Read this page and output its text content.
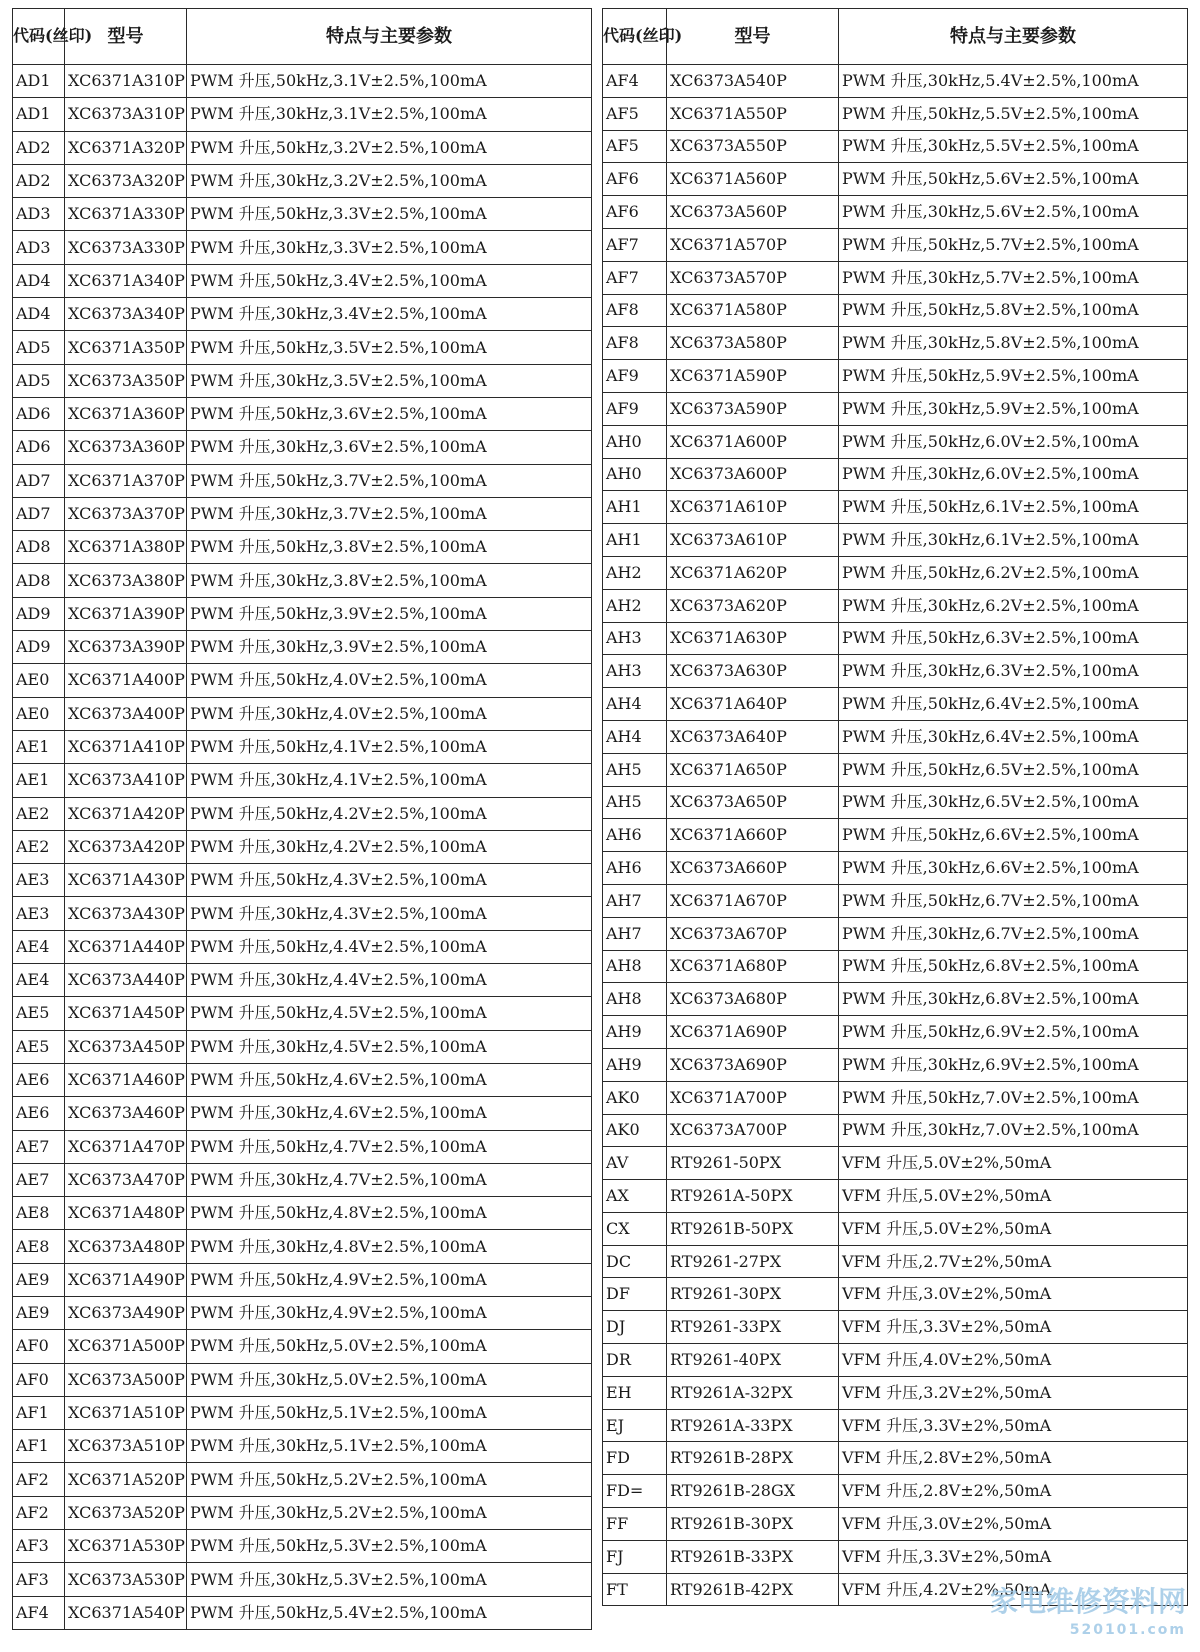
代码(丝印)	型号	特点与主要参数
AD1	XC6371A310P	PWM 升压,50kHz,3.1V±2.5%,100mA
AD1	XC6373A310P	PWM 升压,30kHz,3.1V±2.5%,100mA
AD2	XC6371A320P	PWM 升压,50kHz,3.2V±2.5%,100mA
AD2	XC6373A320P	PWM 升压,30kHz,3.2V±2.5%,100mA
AD3	XC6371A330P	PWM 升压,50kHz,3.3V±2.5%,100mA
AD3	XC6373A330P	PWM 升压,30kHz,3.3V±2.5%,100mA
AD4	XC6371A340P	PWM 升压,50kHz,3.4V±2.5%,100mA
AD4	XC6373A340P	PWM 升压,30kHz,3.4V±2.5%,100mA
AD5	XC6371A350P	PWM 升压,50kHz,3.5V±2.5%,100mA
AD5	XC6373A350P	PWM 升压,30kHz,3.5V±2.5%,100mA
AD6	XC6371A360P	PWM 升压,50kHz,3.6V±2.5%,100mA
AD6	XC6373A360P	PWM 升压,30kHz,3.6V±2.5%,100mA
AD7	XC6371A370P	PWM 升压,50kHz,3.7V±2.5%,100mA
AD7	XC6373A370P	PWM 升压,30kHz,3.7V±2.5%,100mA
AD8	XC6371A380P	PWM 升压,50kHz,3.8V±2.5%,100mA
AD8	XC6373A380P	PWM 升压,30kHz,3.8V±2.5%,100mA
AD9	XC6371A390P	PWM 升压,50kHz,3.9V±2.5%,100mA
AD9	XC6373A390P	PWM 升压,30kHz,3.9V±2.5%,100mA
AE0	XC6371A400P	PWM 升压,50kHz,4.0V±2.5%,100mA
AE0	XC6373A400P	PWM 升压,30kHz,4.0V±2.5%,100mA
AE1	XC6371A410P	PWM 升压,50kHz,4.1V±2.5%,100mA
AE1	XC6373A410P	PWM 升压,30kHz,4.1V±2.5%,100mA
AE2	XC6371A420P	PWM 升压,50kHz,4.2V±2.5%,100mA
AE2	XC6373A420P	PWM 升压,30kHz,4.2V±2.5%,100mA
AE3	XC6371A430P	PWM 升压,50kHz,4.3V±2.5%,100mA
AE3	XC6373A430P	PWM 升压,30kHz,4.3V±2.5%,100mA
AE4	XC6371A440P	PWM 升压,50kHz,4.4V±2.5%,100mA
AE4	XC6373A440P	PWM 升压,30kHz,4.4V±2.5%,100mA
AE5	XC6371A450P	PWM 升压,50kHz,4.5V±2.5%,100mA
AE5	XC6373A450P	PWM 升压,30kHz,4.5V±2.5%,100mA
AE6	XC6371A460P	PWM 升压,50kHz,4.6V±2.5%,100mA
AE6	XC6373A460P	PWM 升压,30kHz,4.6V±2.5%,100mA
AE7	XC6371A470P	PWM 升压,50kHz,4.7V±2.5%,100mA
AE7	XC6373A470P	PWM 升压,30kHz,4.7V±2.5%,100mA
AE8	XC6371A480P	PWM 升压,50kHz,4.8V±2.5%,100mA
AE8	XC6373A480P	PWM 升压,30kHz,4.8V±2.5%,100mA
AE9	XC6371A490P	PWM 升压,50kHz,4.9V±2.5%,100mA
AE9	XC6373A490P	PWM 升压,30kHz,4.9V±2.5%,100mA
AF0	XC6371A500P	PWM 升压,50kHz,5.0V±2.5%,100mA
AF0	XC6373A500P	PWM 升压,30kHz,5.0V±2.5%,100mA
AF1	XC6371A510P	PWM 升压,50kHz,5.1V±2.5%,100mA
AF1	XC6373A510P	PWM 升压,30kHz,5.1V±2.5%,100mA
AF2	XC6371A520P	PWM 升压,50kHz,5.2V±2.5%,100mA
AF2	XC6373A520P	PWM 升压,30kHz,5.2V±2.5%,100mA
AF3	XC6371A530P	PWM 升压,50kHz,5.3V±2.5%,100mA
AF3	XC6373A530P	PWM 升压,30kHz,5.3V±2.5%,100mA
AF4	XC6371A540P	PWM 升压,50kHz,5.4V±2.5%,100mA
代码(丝印)	型号	特点与主要参数
AF4	XC6373A540P	PWM 升压,30kHz,5.4V±2.5%,100mA
AF5	XC6371A550P	PWM 升压,50kHz,5.5V±2.5%,100mA
AF5	XC6373A550P	PWM 升压,30kHz,5.5V±2.5%,100mA
AF6	XC6371A560P	PWM 升压,50kHz,5.6V±2.5%,100mA
AF6	XC6373A560P	PWM 升压,30kHz,5.6V±2.5%,100mA
AF7	XC6371A570P	PWM 升压,50kHz,5.7V±2.5%,100mA
AF7	XC6373A570P	PWM 升压,30kHz,5.7V±2.5%,100mA
AF8	XC6371A580P	PWM 升压,50kHz,5.8V±2.5%,100mA
AF8	XC6373A580P	PWM 升压,30kHz,5.8V±2.5%,100mA
AF9	XC6371A590P	PWM 升压,50kHz,5.9V±2.5%,100mA
AF9	XC6373A590P	PWM 升压,30kHz,5.9V±2.5%,100mA
AH0	XC6371A600P	PWM 升压,50kHz,6.0V±2.5%,100mA
AH0	XC6373A600P	PWM 升压,30kHz,6.0V±2.5%,100mA
AH1	XC6371A610P	PWM 升压,50kHz,6.1V±2.5%,100mA
AH1	XC6373A610P	PWM 升压,30kHz,6.1V±2.5%,100mA
AH2	XC6371A620P	PWM 升压,50kHz,6.2V±2.5%,100mA
AH2	XC6373A620P	PWM 升压,30kHz,6.2V±2.5%,100mA
AH3	XC6371A630P	PWM 升压,50kHz,6.3V±2.5%,100mA
AH3	XC6373A630P	PWM 升压,30kHz,6.3V±2.5%,100mA
AH4	XC6371A640P	PWM 升压,50kHz,6.4V±2.5%,100mA
AH4	XC6373A640P	PWM 升压,30kHz,6.4V±2.5%,100mA
AH5	XC6371A650P	PWM 升压,50kHz,6.5V±2.5%,100mA
AH5	XC6373A650P	PWM 升压,30kHz,6.5V±2.5%,100mA
AH6	XC6371A660P	PWM 升压,50kHz,6.6V±2.5%,100mA
AH6	XC6373A660P	PWM 升压,30kHz,6.6V±2.5%,100mA
AH7	XC6371A670P	PWM 升压,50kHz,6.7V±2.5%,100mA
AH7	XC6373A670P	PWM 升压,30kHz,6.7V±2.5%,100mA
AH8	XC6371A680P	PWM 升压,50kHz,6.8V±2.5%,100mA
AH8	XC6373A680P	PWM 升压,30kHz,6.8V±2.5%,100mA
AH9	XC6371A690P	PWM 升压,50kHz,6.9V±2.5%,100mA
AH9	XC6373A690P	PWM 升压,30kHz,6.9V±2.5%,100mA
AK0	XC6371A700P	PWM 升压,50kHz,7.0V±2.5%,100mA
AK0	XC6373A700P	PWM 升压,30kHz,7.0V±2.5%,100mA
AV	RT9261-50PX	VFM 升压,5.0V±2%,50mA
AX	RT9261A-50PX	VFM 升压,5.0V±2%,50mA
CX	RT9261B-50PX	VFM 升压,5.0V±2%,50mA
DC	RT9261-27PX	VFM 升压,2.7V±2%,50mA
DF	RT9261-30PX	VFM 升压,3.0V±2%,50mA
DJ	RT9261-33PX	VFM 升压,3.3V±2%,50mA
DR	RT9261-40PX	VFM 升压,4.0V±2%,50mA
EH	RT9261A-32PX	VFM 升压,3.2V±2%,50mA
EJ	RT9261A-33PX	VFM 升压,3.3V±2%,50mA
FD	RT9261B-28PX	VFM 升压,2.8V±2%,50mA
FD=	RT9261B-28GX	VFM 升压,2.8V±2%,50mA
FF	RT9261B-30PX	VFM 升压,3.0V±2%,50mA
FJ	RT9261B-33PX	VFM 升压,3.3V±2%,50mA
FT	RT9261B-42PX	VFM 升压,4.2V±2%,50mA
家电维修资料网
520101.com
